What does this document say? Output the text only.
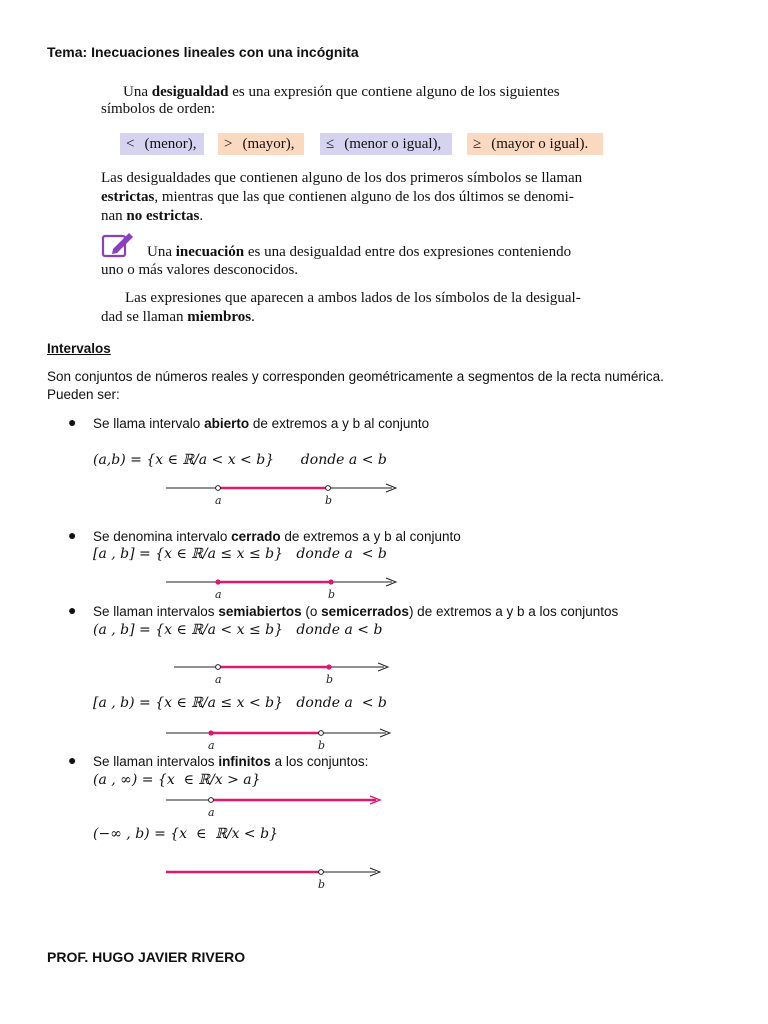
Tema: Inecuaciones lineales con una incógnita
Una desigualdad es una expresión que contiene alguno de los siguientes
símbolos de orden:
< (menor),	> (mayor),	≤ (menor o igual),	≥ (mayor o igual).
Las desigualdades que contienen alguno de los dos primeros símbolos se llaman
estrictas, mientras que las que contienen alguno de los dos últimos se denomi-
nan no estrictas.
Una inecuación es una desigualdad entre dos expresiones conteniendo
uno o más valores desconocidos.
Las expresiones que aparecen a ambos lados de los símbolos de la desigual-
dad se llaman miembros.
Intervalos
Son conjuntos de números reales y corresponden geométricamente a segmentos de la recta numérica.
Pueden ser:
● Se llama intervalo abierto de extremos a y b al conjunto
(a,b) = {x ∈ ℝ/a < x < b}      donde a < b
a	b
● Se denomina intervalo cerrado de extremos a y b al conjunto
[a , b] = {x ∈ ℝ/a ≤ x ≤ b}   donde a  < b
a	b
● Se llaman intervalos semiabiertos (o semicerrados) de extremos a y b a los conjuntos
(a , b] = {x ∈ ℝ/a < x ≤ b}   donde a < b
a	b
[a , b) = {x ∈ ℝ/a ≤ x < b}   donde a  < b
a	b
● Se llaman intervalos infinitos a los conjuntos:
(a , ∞) = {x  ∈ ℝ/x > a}
a
(−∞ , b) = {x  ∈  ℝ/x < b}
b
PROF. HUGO JAVIER RIVERO
